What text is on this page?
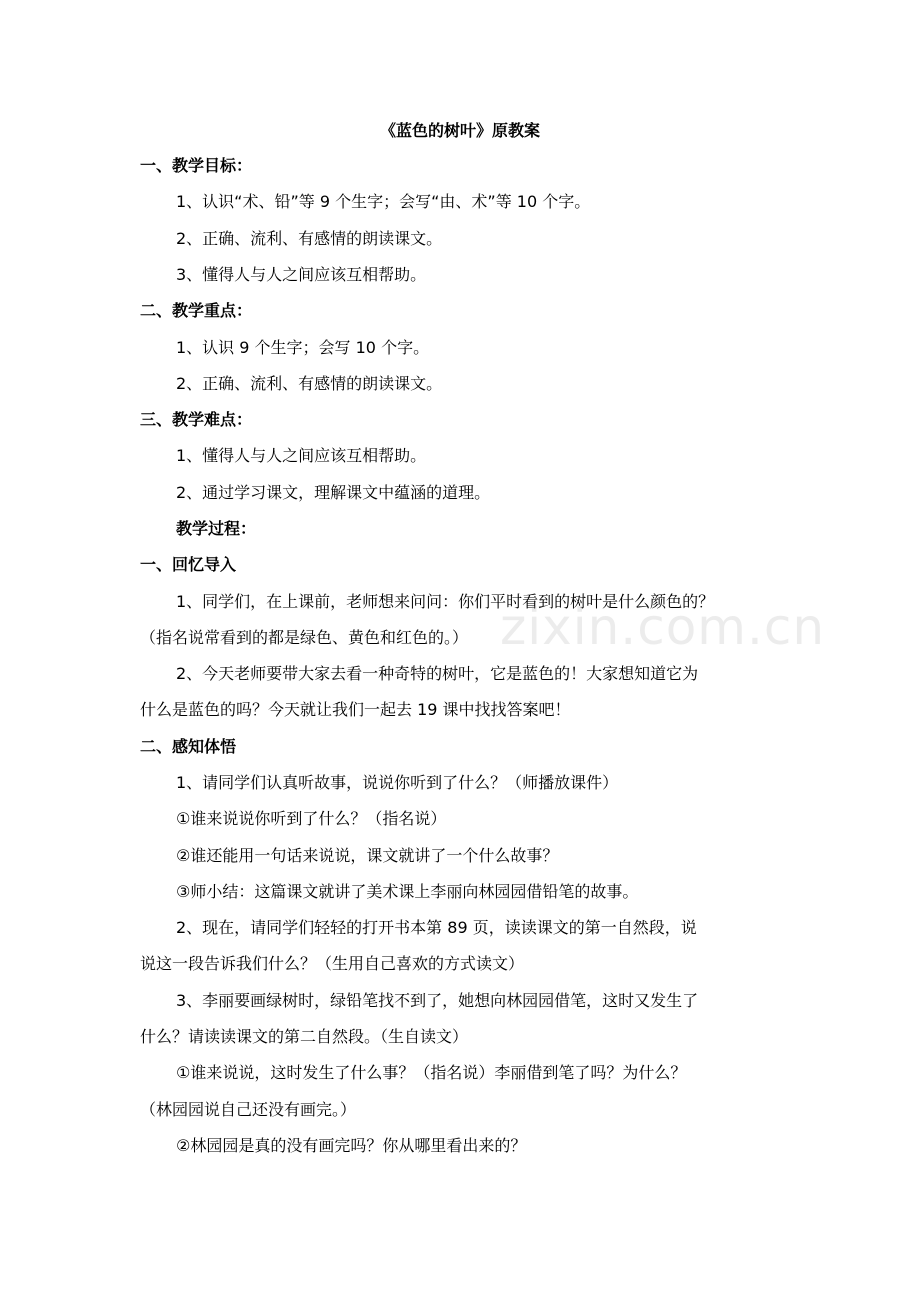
《蓝色的树叶》原教案
一、教学目标：
1、认识“术、铅”等 9 个生字；会写“由、术”等 10 个字。
2、正确、流利、有感情的朗读课文。
3、懂得人与人之间应该互相帮助。
二、教学重点：
1、认识 9 个生字；会写 10 个字。
2、正确、流利、有感情的朗读课文。
三、教学难点：
1、懂得人与人之间应该互相帮助。
2、通过学习课文，理解课文中蕴涵的道理。
教学过程：
一、回忆导入
1、同学们，在上课前，老师想来问问：你们平时看到的树叶是什么颜色的？
（指名说常看到的都是绿色、黄色和红色的。）
2、今天老师要带大家去看一种奇特的树叶，它是蓝色的！大家想知道它为
什么是蓝色的吗？今天就让我们一起去 19 课中找找答案吧！
二、感知体悟
1、请同学们认真听故事，说说你听到了什么？（师播放课件）
①谁来说说你听到了什么？（指名说）
②谁还能用一句话来说说，课文就讲了一个什么故事？
③师小结：这篇课文就讲了美术课上李丽向林园园借铅笔的故事。
2、现在，请同学们轻轻的打开书本第 89 页，读读课文的第一自然段，说
说这一段告诉我们什么？（生用自己喜欢的方式读文）
3、李丽要画绿树时，绿铅笔找不到了，她想向林园园借笔，这时又发生了
什么？请读读课文的第二自然段。（生自读文）
①谁来说说，这时发生了什么事？（指名说）李丽借到笔了吗？为什么？
（林园园说自己还没有画完。）
②林园园是真的没有画完吗？你从哪里看出来的？
zixin.com.cn
